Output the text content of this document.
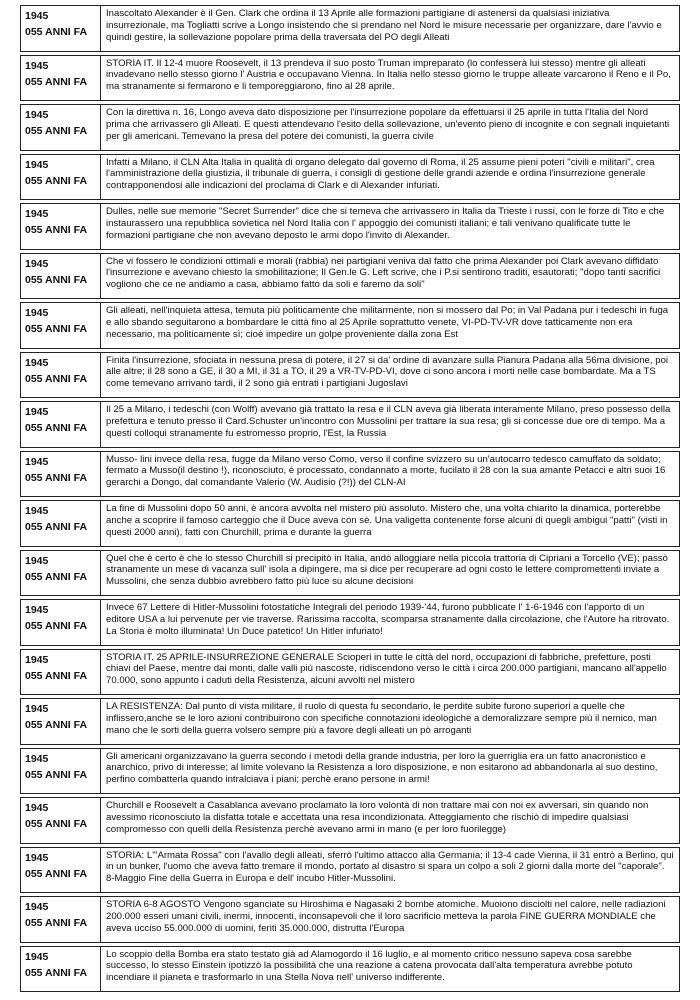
1945
055 ANNI FA
Inascoltato Alexander è il Gen. Clark che ordina il 13 Aprile alle formazioni partigiane di astenersi da qualsiasi iniziativa insurrezionale, ma Togliatti scrive a Longo insistendo che si prendano nel Nord le misure necessarie per organizzare, dare l'avvio e quindi gestire, la sollevazione popolare prima della traversata del PO degli Alleati
1945
055 ANNI FA
STORIA IT. Il 12-4 muore Roosevelt, il 13 prendeva il suo posto Truman impreparato (lo confesserà lui stesso) mentre gli alleati invadevano nello stesso giorno l' Austria e occupavano Vienna. In Italia nello stesso giorno le truppe alleate varcarono il Reno e il Po, ma stranamente si fermarono e li temporeggiarono, fino al 28 aprile.
1945
055 ANNI FA
Con la direttiva n. 16, Longo aveva dato disposizione per l'insurrezione popolare da effettuarsi il 25 aprile in tutta l'Italia del Nord prima che arrivassero gli Alleati. E questi attendevano l'esito della sollevazione, un'evento pieno di incognite e con segnali inquietanti per gli americani. Temevano la presa del potere dei comunisti, la guerra civile
1945
055 ANNI FA
Infatti a Milano, il CLN Alta Italia in qualità di organo delegato dal governo di Roma, il 25 assume pieni poteri "civili e militari", crea l'amministrazione della giustizia, il tribunale di guerra, i consigli di gestione delle grandi aziende e ordina l'insurrezione generale contrapponendosi alle indicazioni del proclama di Clark e di Alexander infuriati.
1945
055 ANNI FA
Dulles, nelle sue memorie "Secret Surrender" dice che si temeva che arrivassero in Italia da Trieste i russi, con le forze di Tito e che instaurassero una repubblica sovietica nel Nord Italia con l' appoggio dei comunisti italiani; e tali venivano qualificate tutte le formazioni partigiane che non avevano deposto le armi dopo l'invito di Alexander.
1945
055 ANNI FA
Che vi fossero le condizioni ottimali e morali (rabbia) nei partigiani veniva dal fatto che prima Alexander poi Clark avevano diffidato l'insurrezione e avevano chiesto la smobilitazione; Il Gen.le G. Left scrive, che i P.si sentirono traditi, esautorati; "dopo tanti sacrifici vogliono che ce ne andiamo a casa, abbiamo fatto da soli e faremo da soli"
1945
055 ANNI FA
Gli alleati, nell'inquieta attesa, temuta più politicamente che militarmente, non si mossero dal Po; in Val Padana pur i tedeschi in fuga e allo sbando seguitarono a bombardare le città fino al 25 Aprile soprattutto venete, VI-PD-TV-VR dove tatticamente non era necessario, ma politicamente sì; cioè impedire un golpe proveniente dalla zona Est
1945
055 ANNI FA
Finita l'insurrezione, sfociata in nessuna presa di potere, il 27 si da' ordine di avanzare sulla Pianura Padana alla 56ma divisione, poi alle altre; il 28 sono a GE, il 30 a MI, il 31 a TO, il 29 a VR-TV-PD-VI, dove ci sono ancora i morti nelle case bombardate. Ma a TS come temevano arrivano tardi, il 2 sono già entrati i partigiani Jugoslavi
1945
055 ANNI FA
Il 25 a Milano, i tedeschi (con Wolff) avevano già trattato la resa e il CLN aveva già liberata interamente Milano, preso possesso della prefettura e tenuto presso il Card.Schuster un'incontro con Mussolini per trattare la sua resa; gli si concesse due ore di tempo. Ma a questi colloqui stranamente fu estromesso proprio, l'Est, la Russia
1945
055 ANNI FA
Musso- lini invece della resa, fugge da Milano verso Como, verso il confine svizzero su un'autocarro tedesco camuffato da soldato; fermato a Musso(il destino !), riconosciuto, è processato, condannato a morte, fucilato il 28 con la sua amante Petacci e altri suoi 16 gerarchi a Dongo, dal comandante Valerio (W. Audisio (?!)) del CLN-AI
1945
055 ANNI FA
La fine di Mussolini dopo 50 anni, è ancora avvolta nel mistero più assoluto. Mistero che, una volta chiarito la dinamica, porterebbe anche a scoprire il famoso carteggio che il Duce aveva con sè. Una valigetta contenente forse alcuni di quegli ambigui "patti" (visti in questi 2000 anni), fatti con Churchill, prima e durante la guerra
1945
055 ANNI FA
Quel che è certo è che lo stesso Churchill si precipitò in Italia, andò alloggiare nella piccola trattoria di Cipriani a Torcello (VE); passò stranamente un mese di vacanza sull' isola a dipingere, ma si dice per recuperare ad ogni costo le lettere compromettenti inviate a Mussolini, che senza dubbio avrebbero fatto più luce su alcune decisioni
1945
055 ANNI FA
Invece 67 Lettere di Hitler-Mussolini fotostatiche Integrali del periodo 1939-'44, furono pubblicate l' 1-6-1946 con l'apporto di un editore USA a lui pervenute per vie traverse. Rarissima raccolta, scomparsa stranamente dalla circolazione, che l'Autore ha ritrovato. La Storia è molto illuminata! Un Duce patetico! Un Hitler infuriato!
1945
055 ANNI FA
STORIA IT. 25 APRILE-INSURREZIONE GENERALE Scioperi in tutte le città del nord, occupazioni di fabbriche, prefetture, posti chiavi del Paese, mentre dai monti, dalle valli più nascoste, ridiscendono verso le città i circa 200.000 partigiani, mancano all'appello 70.000, sono appunto i caduti della Resistenza, alcuni avvolti nel mistero
1945
055 ANNI FA
LA RESISTENZA: Dal punto di vista militare, il ruolo di questa fu secondario, le perdite subite furono superiori a quelle che inflissero,anche se le loro azioni contribuirono con specifiche connotazioni ideologiche a demoralizzare sempre più il nemico, man mano che le sorti della guerra volsero sempre più a favore degli alleati un pò arroganti
1945
055 ANNI FA
Gli americani organizzavano la guerra secondo i metodi della grande industria, per loro la guerriglia era un fatto anacronistico e anarchico, privo di interesse; al limite volevano la Resistenza a loro disposizione, e non esitarono ad abbandonarla al suo destino, perfino combatterla quando intralciava i piani; perchè erano persone in armi!
1945
055 ANNI FA
Churchill e Roosevelt a Casablanca avevano proclamato la loro volontà di non trattare mai con noi ex avversari, sin quando non avessimo riconosciuto la disfatta totale e accettata una resa incondizionata. Atteggiamento che rischiò di impedire qualsiasi compromesso con quelli della Resistenza perchè avevano armi in mano (e per loro fuorilegge)
1945
055 ANNI FA
STORIA: L'"Armata Rossa" con l'avallo degli alleati, sferrò l'ultimo attacco alla Germania; il 13-4 cade Vienna, il 31 entrò a Berlino, qui in un bunker, l'uomo che aveva fatto tremare il mondo, portato al disastro si spara un colpo a soli 2 giorni dalla morte del "caporale". 8-Maggio Fine della Guerra in Europa e dell' incubo Hitler-Mussolini.
1945
055 ANNI FA
STORIA 6-8 AGOSTO Vengono sganciate su Hiroshima e Nagasaki 2 bombe atomiche. Muoiono disciolti nel calore, nelle radiazioni 200.000 esseri umani civili, inermi, innocenti, inconsapevoli che il loro sacrificio metteva la parola FINE GUERRA MONDIALE che aveva ucciso 55.000.000 di uomini, feriti 35.000.000, distrutta l'Europa
1945
055 ANNI FA
Lo scoppio della Bomba era stato testato già ad Alamogordo il 16 luglio, e al momento critico nessuno sapeva cosa sarebbe successo, lo stesso Einstein ipotizzò la possibilità che una reazione a catena provocata dall'alta temperatura avrebbe potuto incendiare il pianeta e trasformarlo in una Stella Nova nell' universo indifferente.
